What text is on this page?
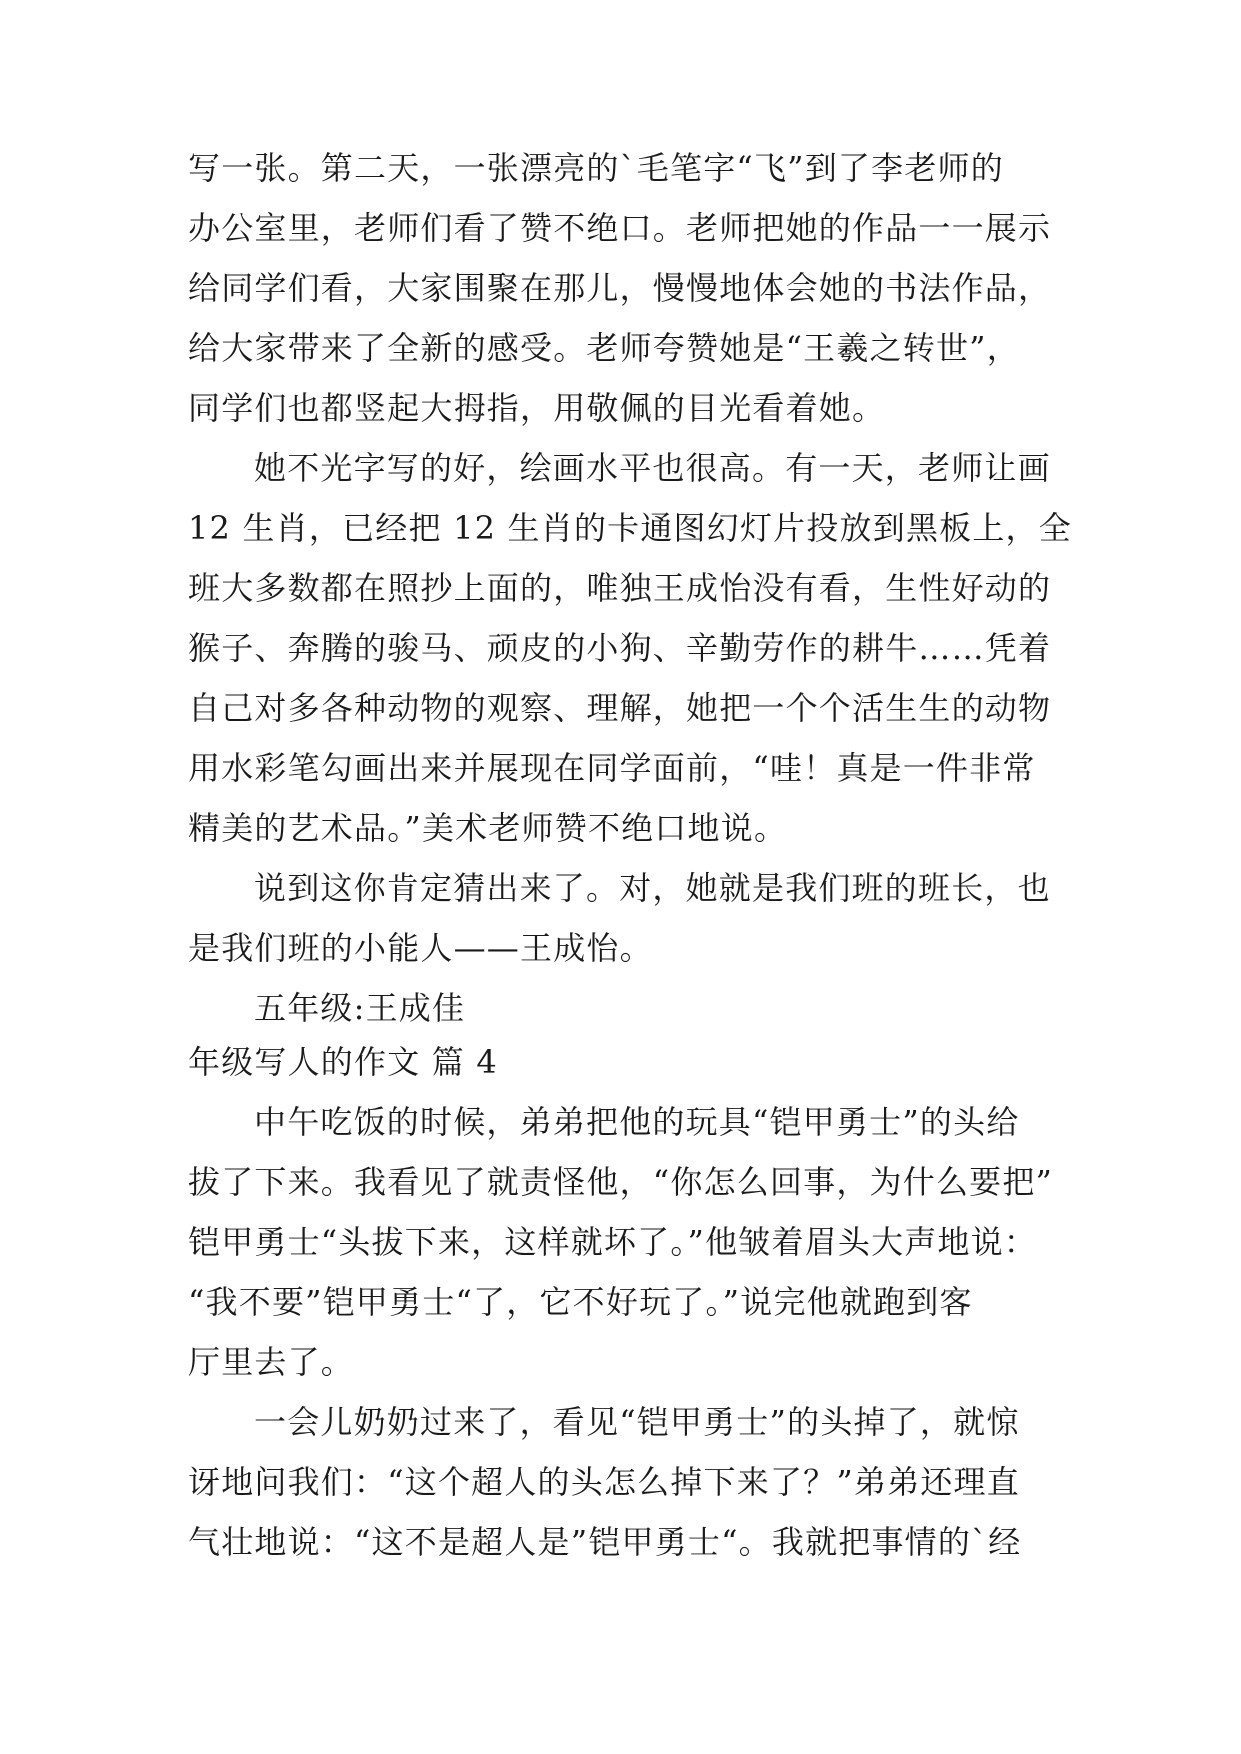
写一张。第二天，一张漂亮的`毛笔字“飞”到了李老师的
办公室里，老师们看了赞不绝口。老师把她的作品一一展示
给同学们看，大家围聚在那儿，慢慢地体会她的书法作品，
给大家带来了全新的感受。老师夸赞她是“王羲之转世”，
同学们也都竖起大拇指，用敬佩的目光看着她。
她不光字写的好，绘画水平也很高。有一天，老师让画
12 生肖，已经把 12 生肖的卡通图幻灯片投放到黑板上，全
班大多数都在照抄上面的，唯独王成怡没有看，生性好动的
猴子、奔腾的骏马、顽皮的小狗、辛勤劳作的耕牛……凭着
自己对多各种动物的观察、理解，她把一个个活生生的动物
用水彩笔勾画出来并展现在同学面前，“哇！真是一件非常
精美的艺术品。”美术老师赞不绝口地说。
说到这你肯定猜出来了。对，她就是我们班的班长，也
是我们班的小能人——王成怡。
五年级:王成佳
年级写人的作文 篇 4
中午吃饭的时候，弟弟把他的玩具“铠甲勇士”的头给
拔了下来。我看见了就责怪他，“你怎么回事，为什么要把”
铠甲勇士“头拔下来，这样就坏了。”他皱着眉头大声地说：
“我不要”铠甲勇士“了，它不好玩了。”说完他就跑到客
厅里去了。
一会儿奶奶过来了，看见“铠甲勇士”的头掉了，就惊
讶地问我们：“这个超人的头怎么掉下来了？”弟弟还理直
气壮地说：“这不是超人是”铠甲勇士“。我就把事情的`经
